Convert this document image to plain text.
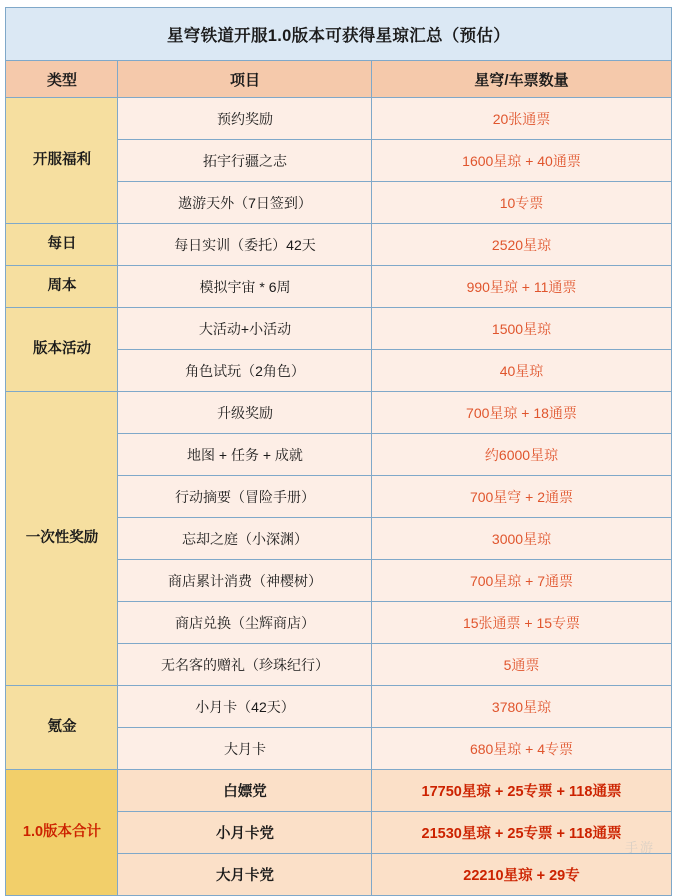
星穹铁道开服1.0版本可获得星琼汇总（预估）		
类型	项目	星穹/车票数量
开服福利	预约奖励	20张通票
	拓宇行疆之志	1600星琼 + 40通票
	遨游天外（7日签到）	10专票
每日	每日实训（委托）42天	2520星琼
周本	模拟宇宙 * 6周	990星琼 + 11通票
版本活动	大活动+小活动	1500星琼
	角色试玩（2角色）	40星琼
一次性奖励	升级奖励	700星琼 + 18通票
	地图 + 任务 + 成就	约6000星琼
	行动摘要（冒险手册）	700星穹 + 2通票
	忘却之庭（小深渊）	3000星琼
	商店累计消费（神樱树）	700星琼 + 7通票
	商店兑换（尘辉商店）	15张通票 + 15专票
	无名客的赠礼（珍珠纪行）	5通票
氪金	小月卡（42天）	3780星琼
	大月卡	680星琼 + 4专票
1.0版本合计	白嫖党	17750星琼 + 25专票 + 118通票
	小月卡党	21530星琼 + 25专票 + 118通票
	大月卡党	22210星琼 + 29专
手游
